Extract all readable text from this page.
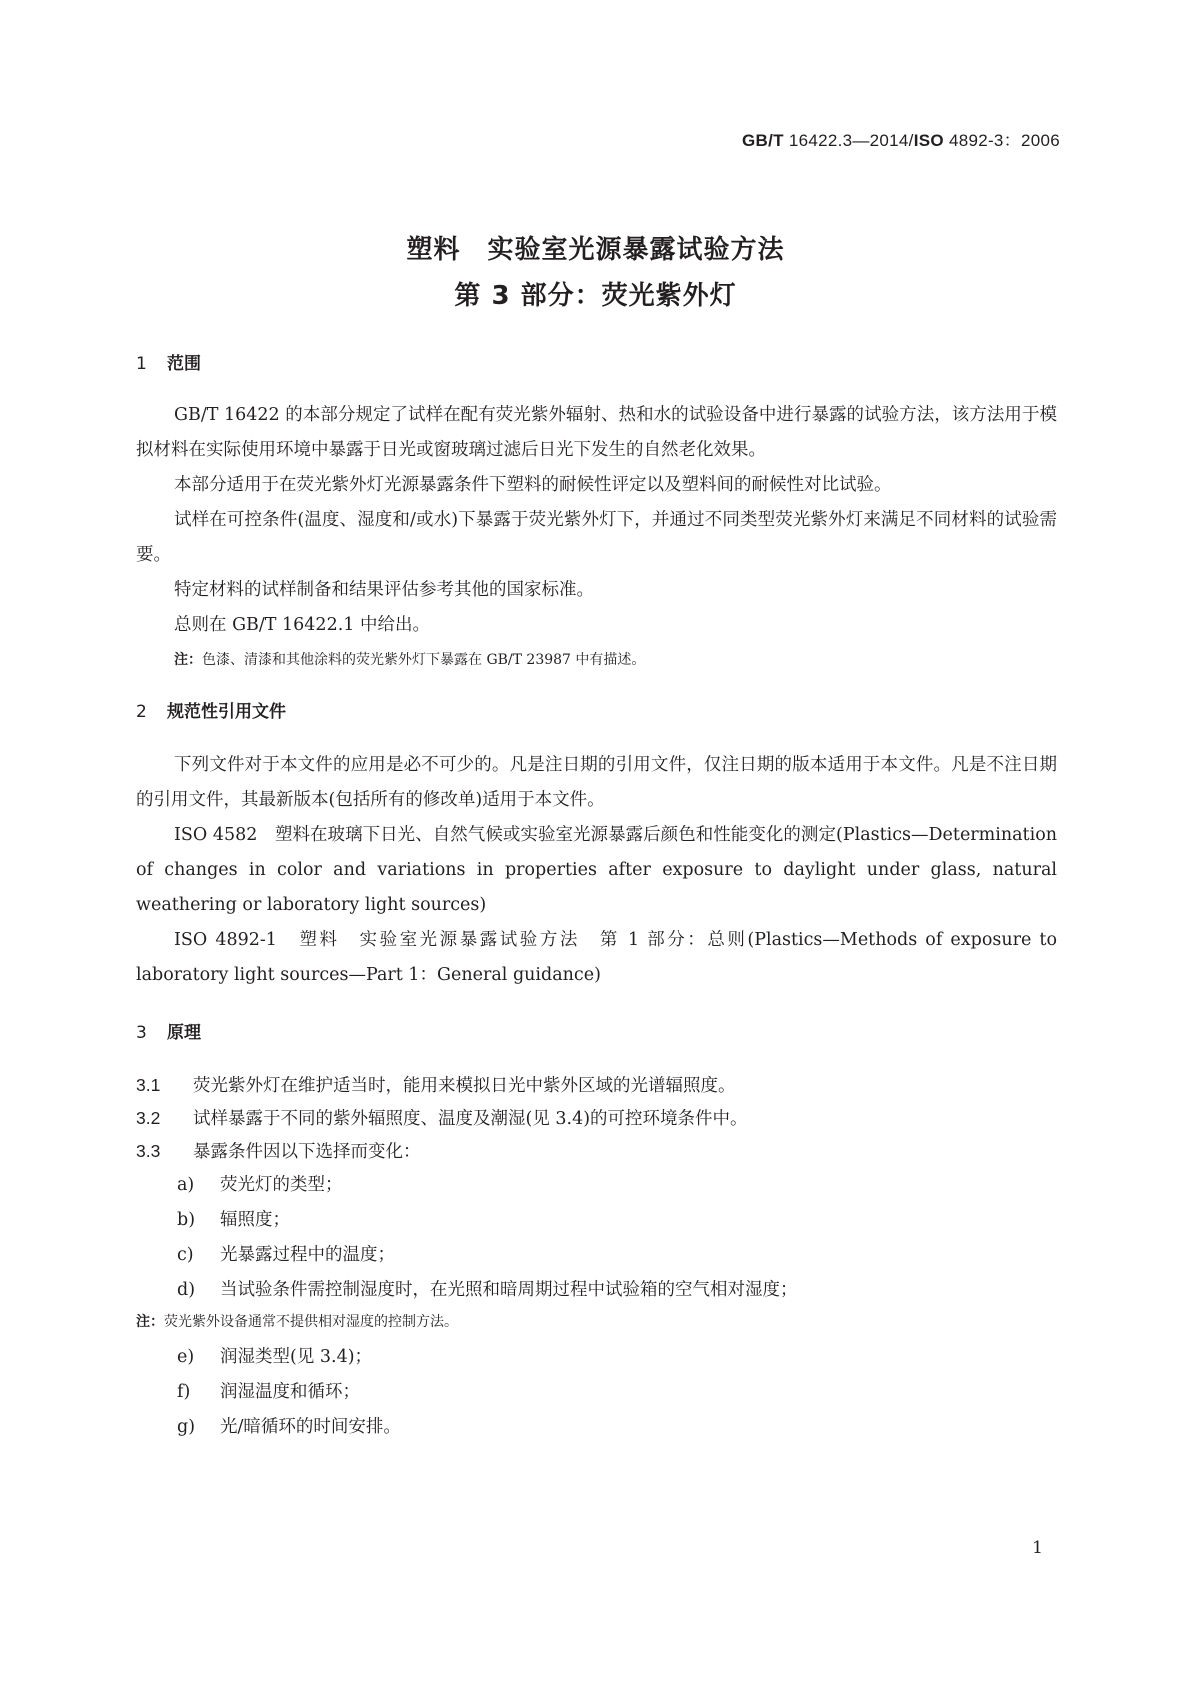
GB/T 16422.3—2014/ISO 4892-3：2006
塑料　实验室光源暴露试验方法
第 3 部分：荧光紫外灯
1 范围

GB/T 16422 的本部分规定了试样在配有荧光紫外辐射、热和水的试验设备中进行暴露的试验方法，该方法用于模拟材料在实际使用环境中暴露于日光或窗玻璃过滤后日光下发生的自然老化效果。

本部分适用于在荧光紫外灯光源暴露条件下塑料的耐候性评定以及塑料间的耐候性对比试验。

试样在可控条件(温度、湿度和/或水)下暴露于荧光紫外灯下，并通过不同类型荧光紫外灯来满足不同材料的试验需要。

特定材料的试样制备和结果评估参考其他的国家标准。

总则在 GB/T 16422.1 中给出。

注：色漆、清漆和其他涂料的荧光紫外灯下暴露在 GB/T 23987 中有描述。
2 规范性引用文件

下列文件对于本文件的应用是必不可少的。凡是注日期的引用文件，仅注日期的版本适用于本文件。凡是不注日期的引用文件，其最新版本(包括所有的修改单)适用于本文件。

ISO 4582　塑料在玻璃下日光、自然气候或实验室光源暴露后颜色和性能变化的测定(Plastics—Determination of changes in color and variations in properties after exposure to daylight under glass, natural weathering or laboratory light sources)

ISO 4892-1　塑料　实验室光源暴露试验方法　第 1 部分：总则(Plastics—Methods of exposure to laboratory light sources—Part 1：General guidance)

3 原理
3.1 荧光紫外灯在维护适当时，能用来模拟日光中紫外区域的光谱辐照度。
3.2 试样暴露于不同的紫外辐照度、温度及潮湿(见 3.4)的可控环境条件中。
3.3 暴露条件因以下选择而变化：
a) 荧光灯的类型；
b) 辐照度；
c) 光暴露过程中的温度；
d) 当试验条件需控制湿度时，在光照和暗周期过程中试验箱的空气相对湿度；
注：荧光紫外设备通常不提供相对湿度的控制方法。
e) 润湿类型(见 3.4)；
f) 润湿温度和循环；
g) 光/暗循环的时间安排。
1
